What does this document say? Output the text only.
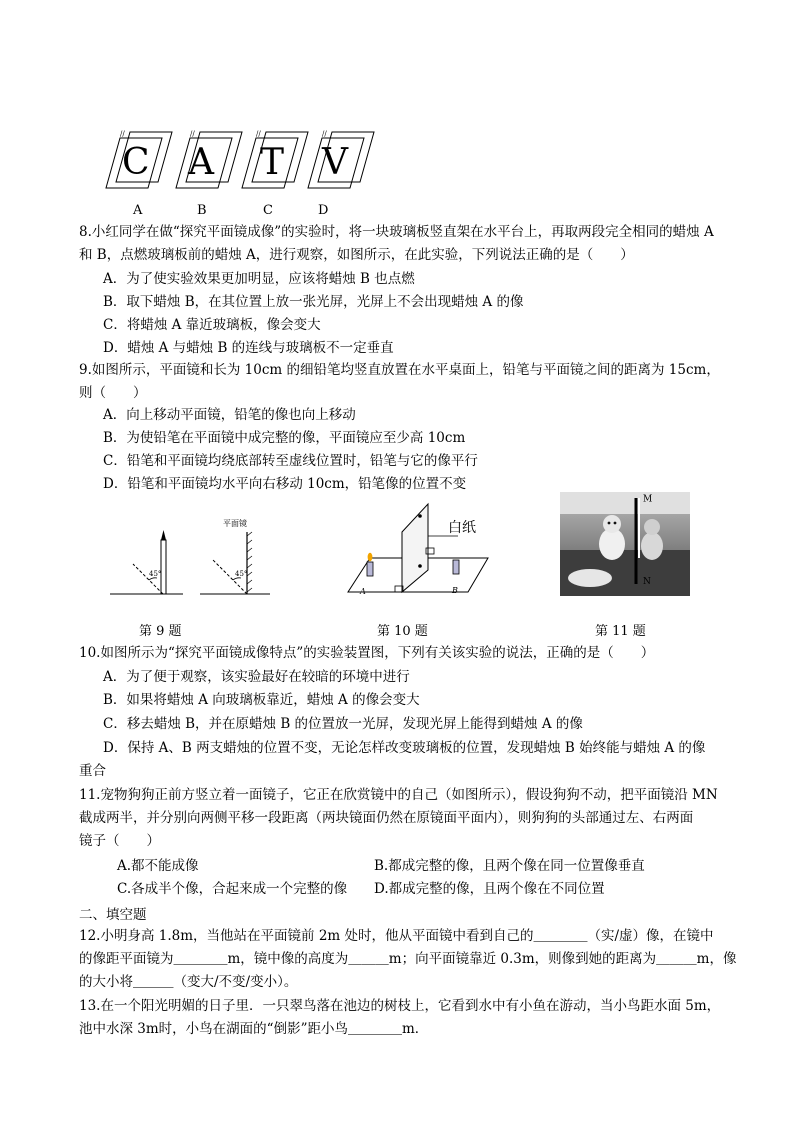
C
//
A
//
T
//
V
//
A	B	C	D
8.小红同学在做“探究平面镜成像”的实验时，将一块玻璃板竖直架在水平台上，再取两段完全相同的蜡烛 A
和 B，点燃玻璃板前的蜡烛 A，进行观察，如图所示，在此实验，下列说法正确的是（　　）
A．为了使实验效果更加明显，应该将蜡烛 B 也点燃
B．取下蜡烛 B，在其位置上放一张光屏，光屏上不会出现蜡烛 A 的像
C．将蜡烛 A 靠近玻璃板，像会变大
D．蜡烛 A 与蜡烛 B 的连线与玻璃板不一定垂直
9.如图所示，平面镜和长为 10cm 的细铅笔均竖直放置在水平桌面上，铅笔与平面镜之间的距离为 15cm，
则（　　）
A．向上移动平面镜，铅笔的像也向上移动
B．为使铅笔在平面镜中成完整的像，平面镜应至少高 10cm
C．铅笔和平面镜均绕底部转至虚线位置时，铅笔与它的像平行
D．铅笔和平面镜均水平向右移动 10cm，铅笔像的位置不变
45°	45°
平面镜	白纸
A	B
M
N
第 9 题	第 10 题	第 11 题
10.如图所示为“探究平面镜成像特点”的实验装置图，下列有关该实验的说法，正确的是（　　）
A．为了便于观察，该实验最好在较暗的环境中进行
B．如果将蜡烛 A 向玻璃板靠近，蜡烛 A 的像会变大
C．移去蜡烛 B，并在原蜡烛 B 的位置放一光屏，发现光屏上能得到蜡烛 A 的像
D．保持 A、B 两支蜡烛的位置不变，无论怎样改变玻璃板的位置，发现蜡烛 B 始终能与蜡烛 A 的像
重合
11.宠物狗狗正前方竖立着一面镜子，它正在欣赏镜中的自己（如图所示），假设狗狗不动，把平面镜沿 MN
截成两半，并分别向两侧平移一段距离（两块镜面仍然在原镜面平面内），则狗狗的头部通过左、右两面
镜子（　　）
A.都不能成像	B.都成完整的像，且两个像在同一位置像垂直
C.各成半个像，合起来成一个完整的像 D.都成完整的像，且两个像在不同位置
二、填空题
12.小明身高 1.8m，当他站在平面镜前 2m 处时，他从平面镜中看到自己的＿＿＿＿（实/虚）像，在镜中
的像距平面镜为＿＿＿＿m，镜中像的高度为＿＿＿m；向平面镜靠近 0.3m，则像到她的距离为＿＿＿m，像
的大小将＿＿＿（变大/不变/变小）。
13.在一个阳光明媚的日子里．一只翠鸟落在池边的树枝上，它看到水中有小鱼在游动，当小鸟距水面 5m，
池中水深 3m时，小鸟在湖面的“倒影”距小鸟＿＿＿＿m．
